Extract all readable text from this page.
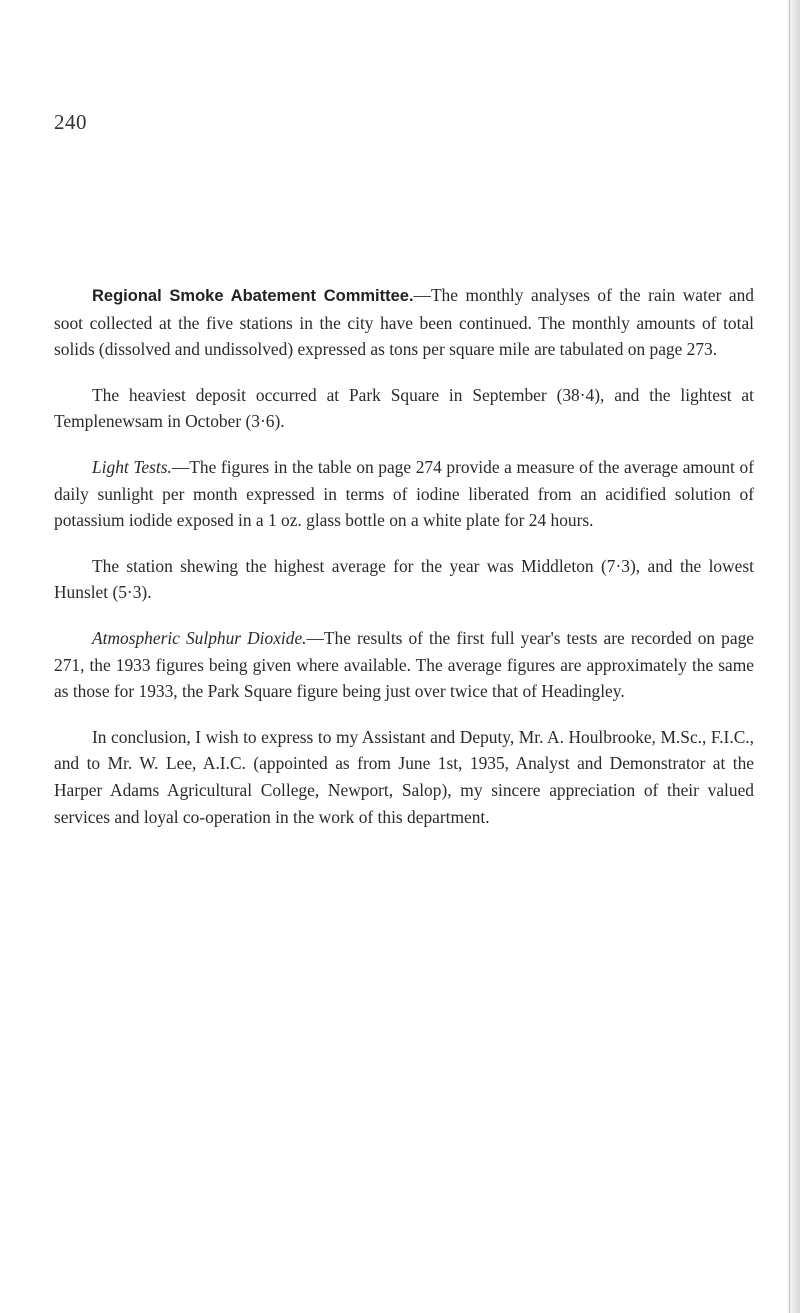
240

Regional Smoke Abatement Committee.—The monthly analyses of the rain water and soot collected at the five stations in the city have been continued. The monthly amounts of total solids (dissolved and undissolved) expressed as tons per square mile are tabulated on page 273.

The heaviest deposit occurred at Park Square in September (38·4), and the lightest at Templenewsam in October (3·6).

Light Tests.—The figures in the table on page 274 provide a measure of the average amount of daily sunlight per month expressed in terms of iodine liberated from an acidified solution of potassium iodide exposed in a 1 oz. glass bottle on a white plate for 24 hours.

The station shewing the highest average for the year was Middleton (7·3), and the lowest Hunslet (5·3).

Atmospheric Sulphur Dioxide.—The results of the first full year's tests are recorded on page 271, the 1933 figures being given where available. The average figures are approximately the same as those for 1933, the Park Square figure being just over twice that of Headingley.

In conclusion, I wish to express to my Assistant and Deputy, Mr. A. Houlbrooke, M.Sc., F.I.C., and to Mr. W. Lee, A.I.C. (appointed as from June 1st, 1935, Analyst and Demonstrator at the Harper Adams Agricultural College, Newport, Salop), my sincere appreciation of their valued services and loyal co-operation in the work of this department.
